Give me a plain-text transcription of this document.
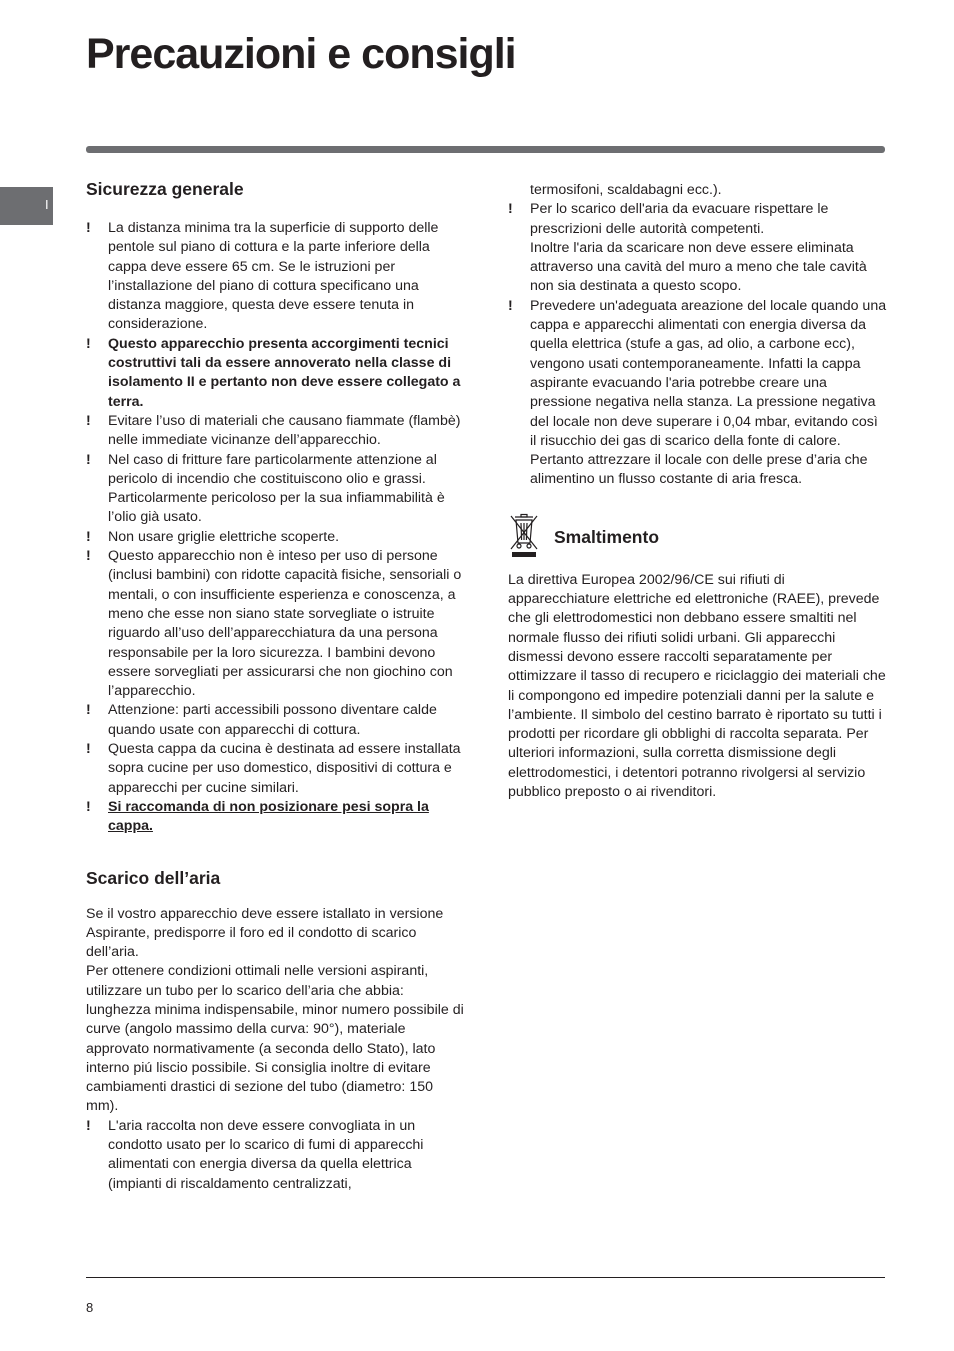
Precauzioni e consigli
I
Sicurezza generale
! La distanza minima tra la superficie di supporto delle pentole sul piano di cottura e la parte inferiore della cappa deve essere 65 cm. Se le istruzioni per l’installazione del piano di cottura specificano una distanza maggiore, questa deve essere tenuta in considerazione.
! Questo apparecchio presenta accorgimenti tecnici costruttivi tali da essere annoverato nella classe di isolamento II e pertanto non deve essere collegato a terra.
! Evitare l’uso di materiali che causano fiammate (flambè) nelle immediate vicinanze dell’apparecchio.
! Nel caso di fritture fare particolarmente attenzione al pericolo di incendio che costituiscono olio e grassi. Particolarmente pericoloso per la sua infiammabilità è l’olio già usato.
! Non usare griglie elettriche scoperte.
! Questo apparecchio non è inteso per uso di persone (inclusi bambini) con ridotte capacità fisiche, sensoriali o mentali, o con insufficiente esperienza e conoscenza, a meno che esse non siano state sorvegliate o istruite riguardo all’uso dell’apparecchiatura da una persona responsabile per la loro sicurezza. I bambini devono essere sorvegliati per assicurarsi che non giochino con l’apparecchio.
! Attenzione: parti accessibili possono diventare calde quando usate con apparecchi di cottura.
! Questa cappa da cucina è destinata ad essere installata sopra cucine per uso domestico, dispositivi di cottura e apparecchi per cucine similari.
! Si raccomanda di non posizionare pesi sopra la cappa.
Scarico dell’aria

Se il vostro apparecchio deve essere istallato in versione Aspirante, predisporre il foro ed il condotto di scarico dell’aria.

Per ottenere condizioni ottimali nelle versioni aspiranti, utilizzare un tubo per lo scarico dell’aria che abbia: lunghezza minima indispensabile, minor numero possibile di curve (angolo massimo della curva: 90°), materiale approvato normativamente (a seconda dello Stato), lato interno piú liscio possibile. Si consiglia inoltre di evitare cambiamenti drastici di sezione del tubo (diametro: 150 mm).

! L'aria raccolta non deve essere convogliata in un condotto usato per lo scarico di fumi di apparecchi alimentati con energia diversa da quella elettrica (impianti di riscaldamento centralizzati,

termosifoni, scaldabagni ecc.).

! Per lo scarico dell'aria da evacuare rispettare le prescrizioni delle autorità competenti.
Inoltre l'aria da scaricare non deve essere eliminata attraverso una cavità del muro a meno che tale cavità non sia destinata a questo scopo.
! Prevedere un'adeguata areazione del locale quando una cappa e apparecchi alimentati con energia diversa da quella elettrica (stufe a gas, ad olio, a carbone ecc), vengono usati contemporaneamente. Infatti la cappa aspirante evacuando l'aria potrebbe creare una pressione negativa nella stanza. La pressione negativa del locale non deve superare i 0,04 mbar, evitando così il risucchio dei gas di scarico della fonte di calore. Pertanto attrezzare il locale con delle prese d’aria che alimentino un flusso costante di aria fresca.
Smaltimento

La direttiva Europea 2002/96/CE sui rifiuti di apparecchiature elettriche ed elettroniche (RAEE), prevede che gli elettrodomestici non debbano essere smaltiti nel normale flusso dei rifiuti solidi urbani. Gli apparecchi dismessi devono essere raccolti separatamente per ottimizzare il tasso di recupero e riciclaggio dei materiali che li compongono ed impedire potenziali danni per la salute e l’ambiente. Il simbolo del cestino barrato è riportato su tutti i prodotti per ricordare gli obblighi di raccolta separata. Per ulteriori informazioni, sulla corretta dismissione degli elettrodomestici, i detentori potranno rivolgersi al servizio pubblico preposto o ai rivenditori.

8
